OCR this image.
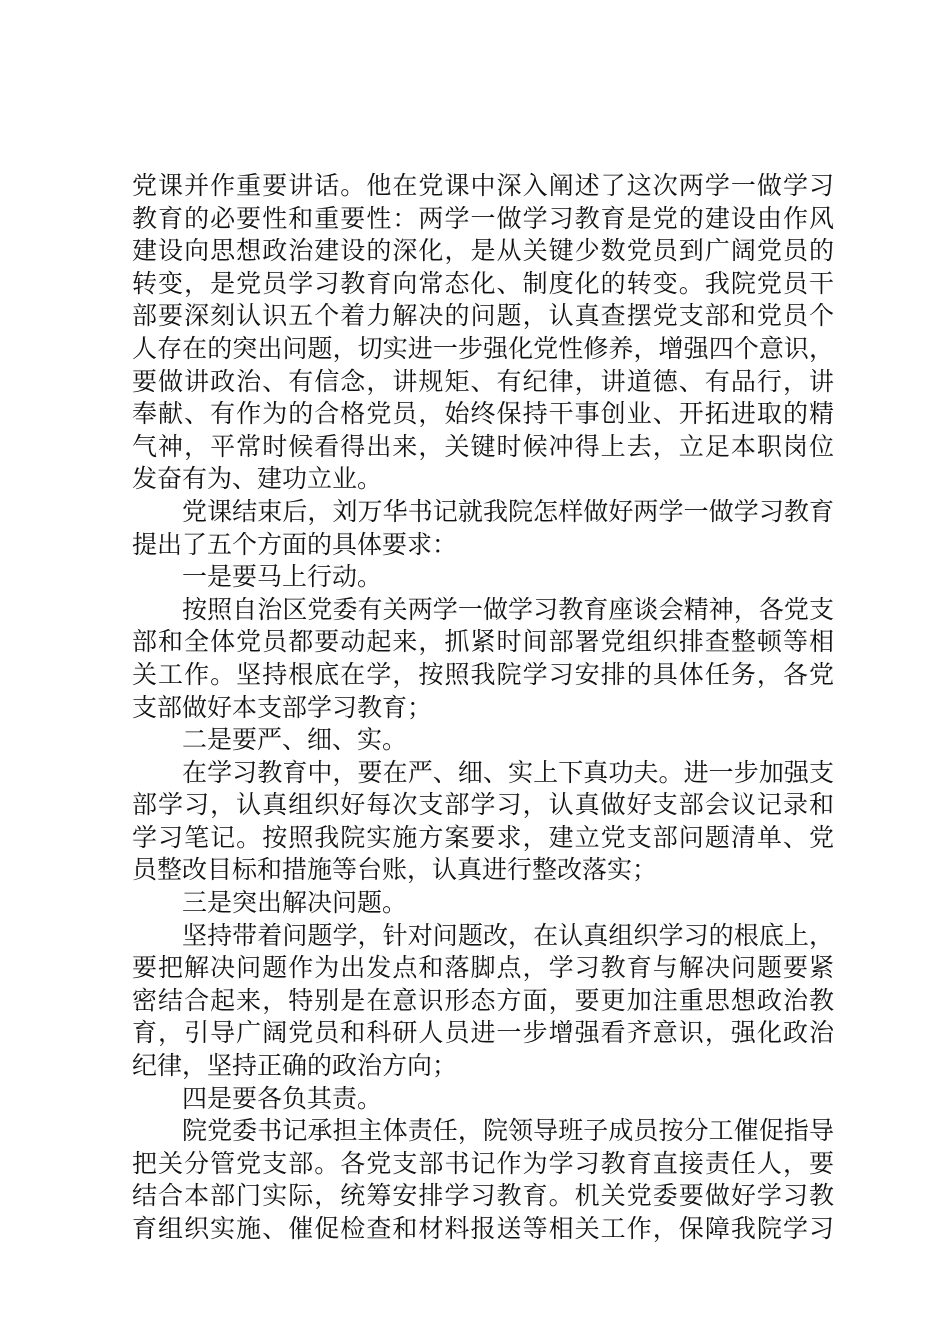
党课并作重要讲话。他在党课中深入阐述了这次两学一做学习
教育的必要性和重要性：两学一做学习教育是党的建设由作风
建设向思想政治建设的深化，是从关键少数党员到广阔党员的
转变，是党员学习教育向常态化、制度化的转变。我院党员干
部要深刻认识五个着力解决的问题，认真查摆党支部和党员个
人存在的突出问题，切实进一步强化党性修养，增强四个意识，
要做讲政治、有信念，讲规矩、有纪律，讲道德、有品行，讲
奉献、有作为的合格党员，始终保持干事创业、开拓进取的精
气神，平常时候看得出来，关键时候冲得上去，立足本职岗位
发奋有为、建功立业。
党课结束后，刘万华书记就我院怎样做好两学一做学习教育
提出了五个方面的具体要求：
一是要马上行动。
按照自治区党委有关两学一做学习教育座谈会精神，各党支
部和全体党员都要动起来，抓紧时间部署党组织排查整顿等相
关工作。坚持根底在学，按照我院学习安排的具体任务，各党
支部做好本支部学习教育；
二是要严、细、实。
在学习教育中，要在严、细、实上下真功夫。进一步加强支
部学习，认真组织好每次支部学习，认真做好支部会议记录和
学习笔记。按照我院实施方案要求，建立党支部问题清单、党
员整改目标和措施等台账，认真进行整改落实；
三是突出解决问题。
坚持带着问题学，针对问题改，在认真组织学习的根底上，
要把解决问题作为出发点和落脚点，学习教育与解决问题要紧
密结合起来，特别是在意识形态方面，要更加注重思想政治教
育，引导广阔党员和科研人员进一步增强看齐意识，强化政治
纪律，坚持正确的政治方向；
四是要各负其责。
院党委书记承担主体责任，院领导班子成员按分工催促指导
把关分管党支部。各党支部书记作为学习教育直接责任人，要
结合本部门实际，统筹安排学习教育。机关党委要做好学习教
育组织实施、催促检查和材料报送等相关工作，保障我院学习
